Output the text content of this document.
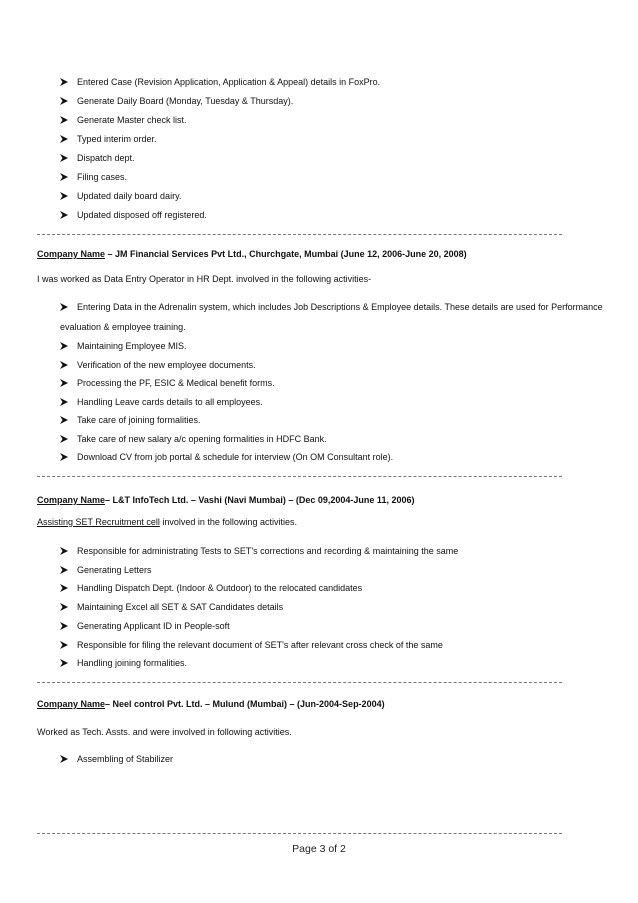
Entered Case (Revision Application, Application & Appeal) details in FoxPro.
Generate Daily Board (Monday, Tuesday & Thursday).
Generate Master check list.
Typed interim order.
Dispatch dept.
Filing cases.
Updated daily board dairy.
Updated disposed off registered.
Company Name – JM Financial Services Pvt Ltd., Churchgate, Mumbai (June 12, 2006-June 20, 2008)
I was worked as Data Entry Operator in HR Dept. involved in the following activities-
Entering Data in the Adrenalin system, which includes Job Descriptions & Employee details. These details are used for Performance
evaluation & employee training.
Maintaining Employee MIS.
Verification of the new employee documents.
Processing the PF, ESIC & Medical benefit forms.
Handling Leave cards details to all employees.
Take care of joining formalities.
Take care of new salary a/c opening formalities in HDFC Bank.
Download CV from job portal & schedule for interview (On OM Consultant role).
Company Name– L&T InfoTech Ltd. – Vashi (Navi Mumbai) – (Dec 09,2004-June 11, 2006)
Assisting SET Recruitment cell involved in the following activities.
Responsible for administrating Tests to SET's corrections and recording & maintaining the same
Generating Letters
Handling Dispatch Dept. (Indoor & Outdoor) to the relocated candidates
Maintaining Excel all SET & SAT Candidates details
Generating Applicant ID in People-soft
Responsible for filing the relevant document of SET's after relevant cross check of the same
Handling joining formalities.
Company Name– Neel control Pvt. Ltd. – Mulund (Mumbai) – (Jun-2004-Sep-2004)
Worked as Tech. Assts. and were involved in following activities.
Assembling of Stabilizer
Page 3 of 2
